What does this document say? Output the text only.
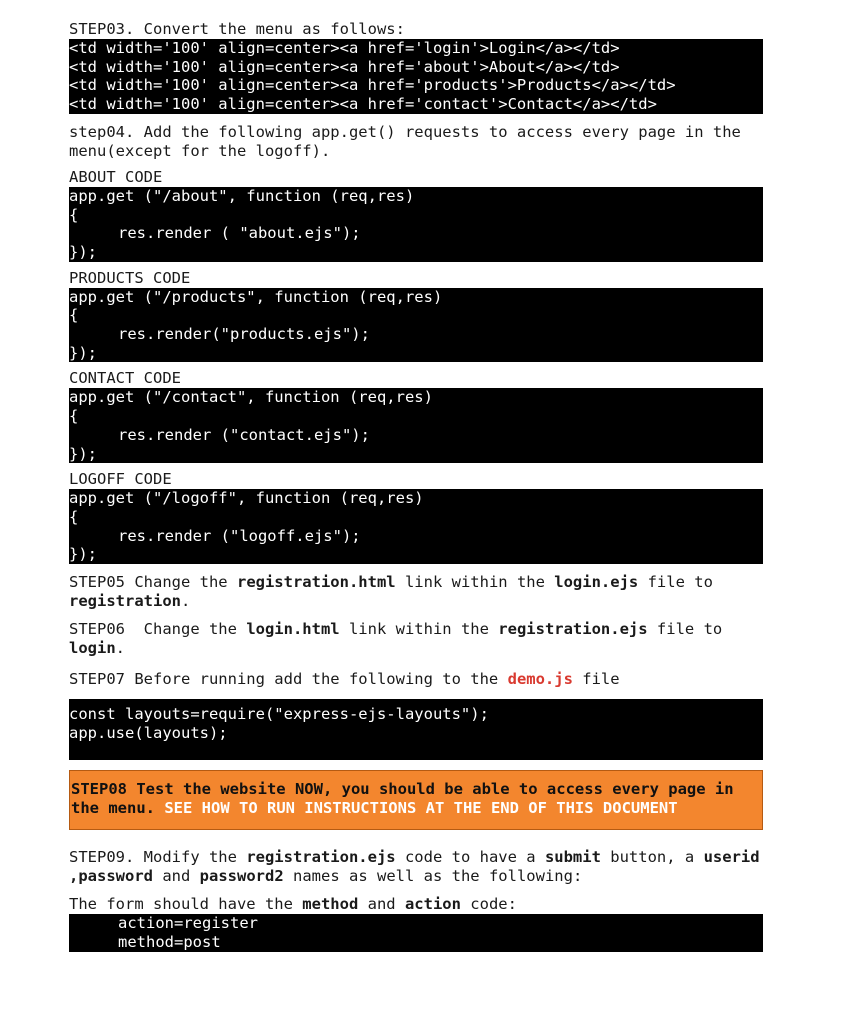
STEP03. Convert the menu as follows:
<td width='100' align=center><a href='login'>Login</a></td>
<td width='100' align=center><a href='about'>About</a></td>
<td width='100' align=center><a href='products'>Products</a></td>
<td width='100' align=center><a href='contact'>Contact</a></td>
step04. Add the following app.get() requests to access every page in the menu(except for the logoff).
ABOUT CODE
app.get ("/about", function (req,res)
{
res.render ( "about.ejs");
});
PRODUCTS CODE
app.get ("/products", function (req,res)
{
res.render("products.ejs");
});
CONTACT CODE
app.get ("/contact", function (req,res)
{
res.render ("contact.ejs");
});
LOGOFF CODE
app.get ("/logoff", function (req,res)
{
res.render ("logoff.ejs");
});
STEP05 Change the registration.html link within the login.ejs file to registration.
STEP06  Change the login.html link within the registration.ejs file to  login.
STEP07 Before running add the following to the demo.js file
const layouts=require("express-ejs-layouts");
app.use(layouts);
STEP08 Test the website NOW, you should be able to access every page in the menu. SEE HOW TO RUN INSTRUCTIONS AT THE END OF THIS DOCUMENT
STEP09. Modify the registration.ejs code to have a submit button, a userid ,password and password2 names as well as the following:
The form should have the method and action code:
action=register
method=post
